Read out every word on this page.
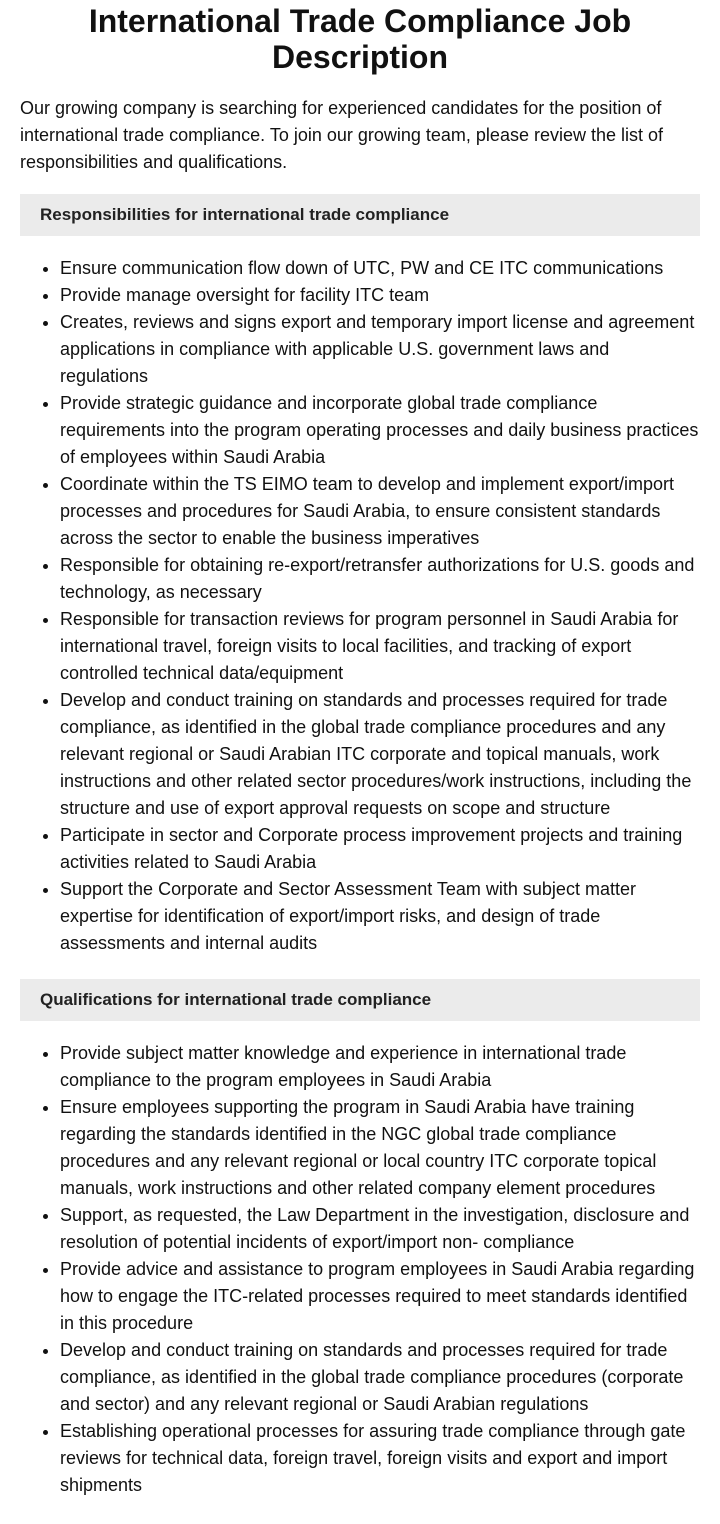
International Trade Compliance Job Description

Our growing company is searching for experienced candidates for the position of international trade compliance. To join our growing team, please review the list of responsibilities and qualifications.

Responsibilities for international trade compliance
• Ensure communication flow down of UTC, PW and CE ITC communications
• Provide manage oversight for facility ITC team
• Creates, reviews and signs export and temporary import license and agreement applications in compliance with applicable U.S. government laws and regulations
• Provide strategic guidance and incorporate global trade compliance requirements into the program operating processes and daily business practices of employees within Saudi Arabia
• Coordinate within the TS EIMO team to develop and implement export/import processes and procedures for Saudi Arabia, to ensure consistent standards across the sector to enable the business imperatives
• Responsible for obtaining re-export/retransfer authorizations for U.S. goods and technology, as necessary
• Responsible for transaction reviews for program personnel in Saudi Arabia for international travel, foreign visits to local facilities, and tracking of export controlled technical data/equipment
• Develop and conduct training on standards and processes required for trade compliance, as identified in the global trade compliance procedures and any relevant regional or Saudi Arabian ITC corporate and topical manuals, work instructions and other related sector procedures/work instructions, including the structure and use of export approval requests on scope and structure
• Participate in sector and Corporate process improvement projects and training activities related to Saudi Arabia
• Support the Corporate and Sector Assessment Team with subject matter expertise for identification of export/import risks, and design of trade assessments and internal audits
Qualifications for international trade compliance
• Provide subject matter knowledge and experience in international trade compliance to the program employees in Saudi Arabia
• Ensure employees supporting the program in Saudi Arabia have training regarding the standards identified in the NGC global trade compliance procedures and any relevant regional or local country ITC corporate topical manuals, work instructions and other related company element procedures
• Support, as requested, the Law Department in the investigation, disclosure and resolution of potential incidents of export/import non- compliance
• Provide advice and assistance to program employees in Saudi Arabia regarding how to engage the ITC-related processes required to meet standards identified in this procedure
• Develop and conduct training on standards and processes required for trade compliance, as identified in the global trade compliance procedures (corporate and sector) and any relevant regional or Saudi Arabian regulations
• Establishing operational processes for assuring trade compliance through gate reviews for technical data, foreign travel, foreign visits and export and import shipments
